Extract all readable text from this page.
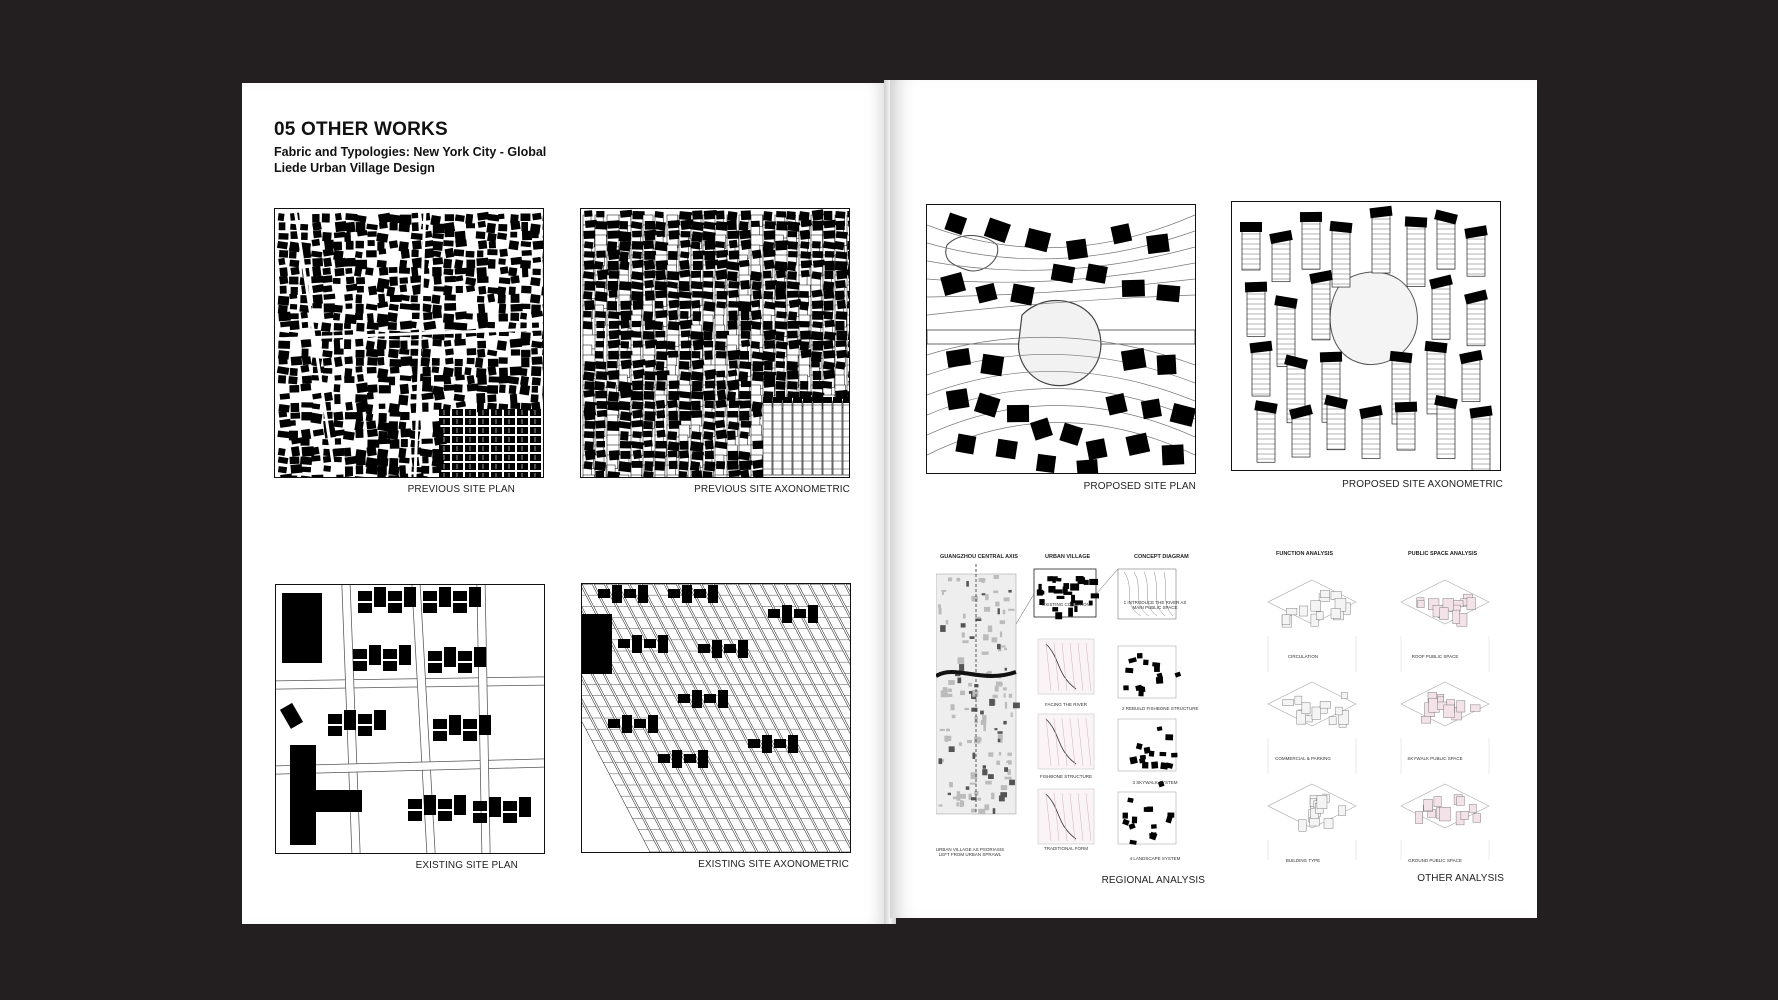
05 OTHER WORKS
Fabric and Typologies: New York City - Global
Liede Urban Village Design
PREVIOUS SITE PLAN	PREVIOUS SITE AXONOMETRIC
EXISTING SITE PLAN	EXISTING SITE AXONOMETRIC
PROPOSED SITE PLAN	PROPOSED SITE AXONOMETRIC
GUANGZHOU CENTRAL AXIS	URBAN VILLAGE	CONCEPT DIAGRAM
URBAN VILLAGE AS PSORIASIS LEFT FROM URBAN SPRAWL
EXISTING CONDITION
FACING THE RIVER
FISHBONE STRUCTURE
TRADITIONAL FORM
1 INTRODUCE THE RIVER AS MAIN PUBLIC SPACE
2 REBUILD FISHBONE STRUCTURE
3 SKYWALK SYSTEM
4 LANDSCAPE SYSTEM
REGIONAL ANALYSIS
FUNCTION ANALYSIS	PUBLIC SPACE ANALYSIS
CIRCULATION
COMMERCIAL & PARKING
BUILDING TYPE
ROOF PUBLIC SPACE
SKYWALK PUBLIC SPACE
GROUND PUBLIC SPACE
OTHER ANALYSIS
